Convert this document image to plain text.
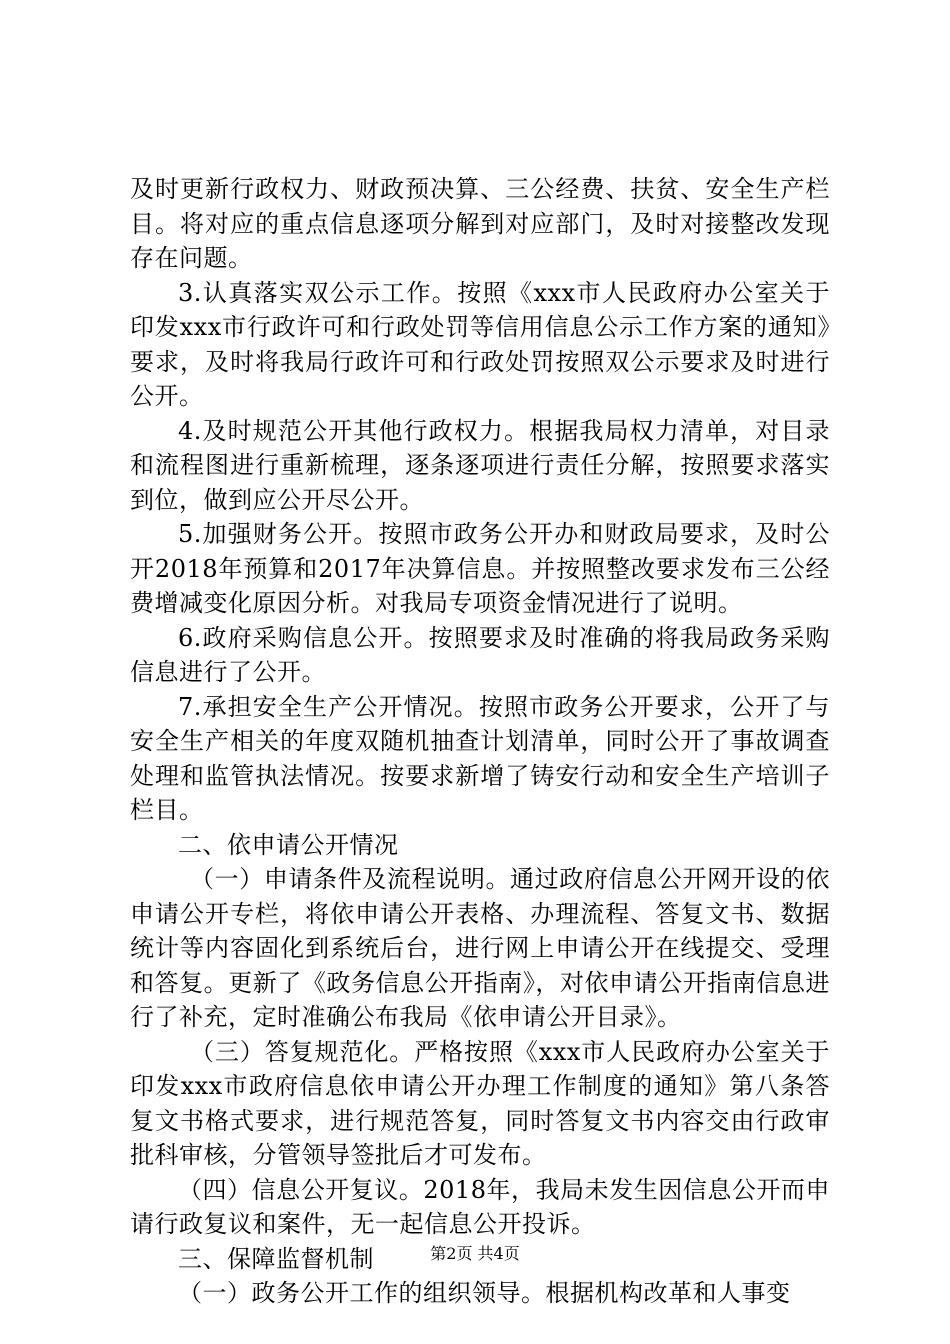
及时更新行政权力、财政预决算、三公经费、扶贫、安全生产栏目。将对应的重点信息逐项分解到对应部门，及时对接整改发现存在问题。

3.认真落实双公示工作。按照《xxx市人民政府办公室关于印发xxx市行政许可和行政处罚等信用信息公示工作方案的通知》要求，及时将我局行政许可和行政处罚按照双公示要求及时进行公开。

4.及时规范公开其他行政权力。根据我局权力清单，对目录和流程图进行重新梳理，逐条逐项进行责任分解，按照要求落实到位，做到应公开尽公开。

5.加强财务公开。按照市政务公开办和财政局要求，及时公开2018年预算和2017年决算信息。并按照整改要求发布三公经费增减变化原因分析。对我局专项资金情况进行了说明。

6.政府采购信息公开。按照要求及时准确的将我局政务采购信息进行了公开。

7.承担安全生产公开情况。按照市政务公开要求，公开了与安全生产相关的年度双随机抽查计划清单，同时公开了事故调查处理和监管执法情况。按要求新增了铸安行动和安全生产培训子栏目。

二、依申请公开情况

（一）申请条件及流程说明。通过政府信息公开网开设的依申请公开专栏，将依申请公开表格、办理流程、答复文书、数据统计等内容固化到系统后台，进行网上申请公开在线提交、受理和答复。更新了《政务信息公开指南》，对依申请公开指南信息进行了补充，定时准确公布我局《依申请公开目录》。

（三）答复规范化。严格按照《xxx市人民政府办公室关于印发xxx市政府信息依申请公开办理工作制度的通知》第八条答复文书格式要求，进行规范答复，同时答复文书内容交由行政审批科审核，分管领导签批后才可发布。

（四）信息公开复议。2018年，我局未发生因信息公开而申请行政复议和案件，无一起信息公开投诉。

三、保障监督机制

（一）政务公开工作的组织领导。根据机构改革和人事变

第2页 共4页
